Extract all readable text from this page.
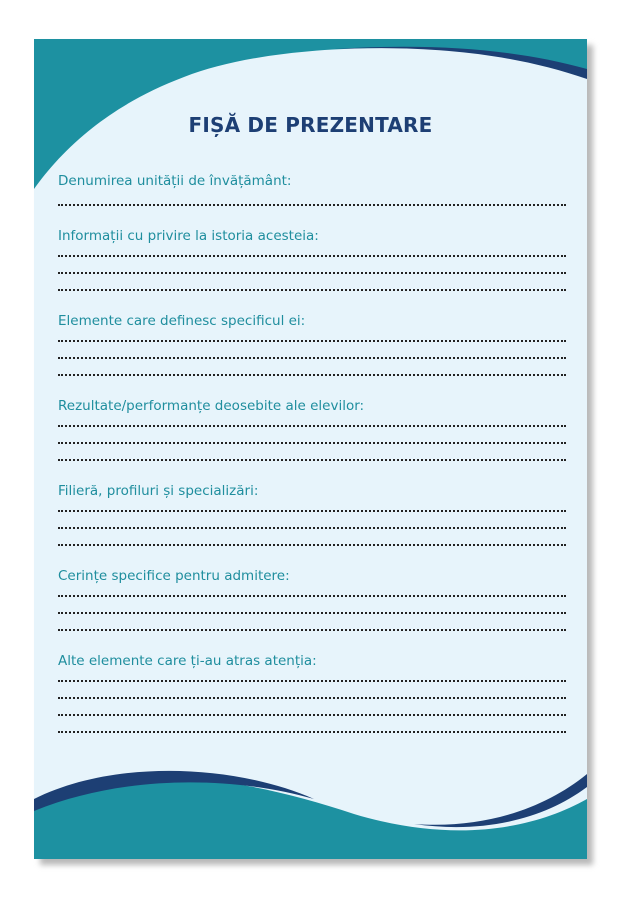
FIȘĂ DE PREZENTARE
Denumirea unității de învățământ:
Informații cu privire la istoria acesteia:
Elemente care definesc specificul ei:
Rezultate/performanțe deosebite ale elevilor:
Filieră, profiluri și specializări:
Cerințe specifice pentru admitere:
Alte elemente care ți-au atras atenția:
